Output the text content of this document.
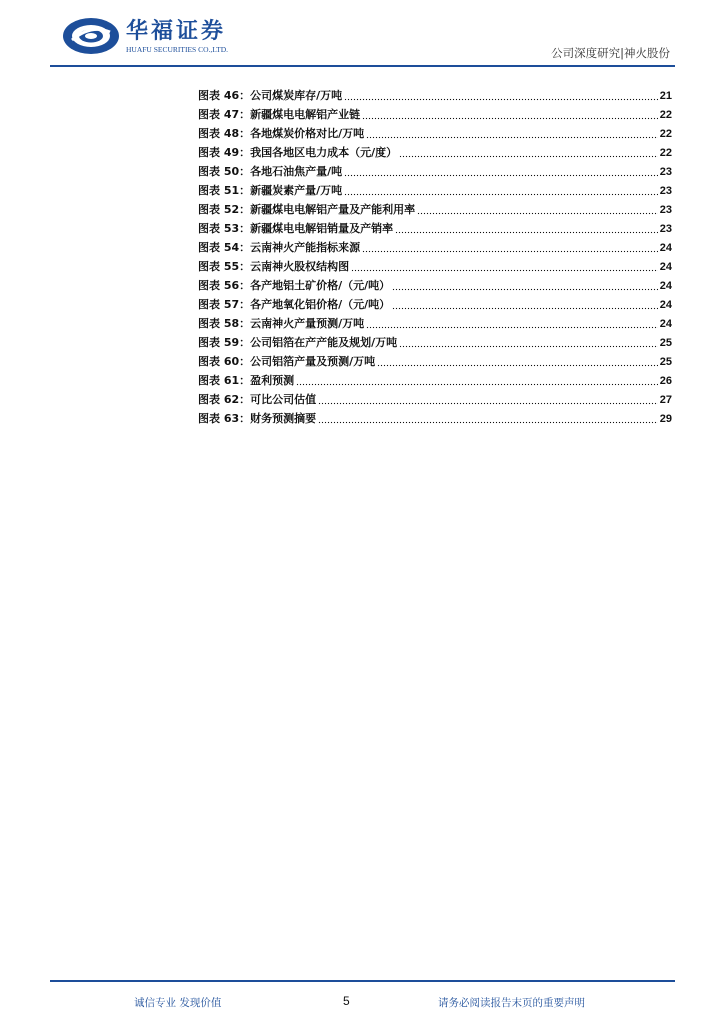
华福证券
HUAFU SECURITIES CO.,LTD.	公司深度研究|神火股份
图表 46：公司煤炭库存/万吨	21
图表 47：新疆煤电电解铝产业链	22
图表 48：各地煤炭价格对比/万吨	22
图表 49：我国各地区电力成本（元/度）	22
图表 50：各地石油焦产量/吨	23
图表 51：新疆炭素产量/万吨	23
图表 52：新疆煤电电解铝产量及产能利用率	23
图表 53：新疆煤电电解铝销量及产销率	23
图表 54：云南神火产能指标来源	24
图表 55：云南神火股权结构图	24
图表 56：各产地铝土矿价格/（元/吨）	24
图表 57：各产地氧化铝价格/（元/吨）	24
图表 58：云南神火产量预测/万吨	24
图表 59：公司铝箔在产产能及规划/万吨	25
图表 60：公司铝箔产量及预测/万吨	25
图表 61：盈利预测	26
图表 62：可比公司估值	27
图表 63：财务预测摘要	29
诚信专业 发现价值	5	请务必阅读报告末页的重要声明
